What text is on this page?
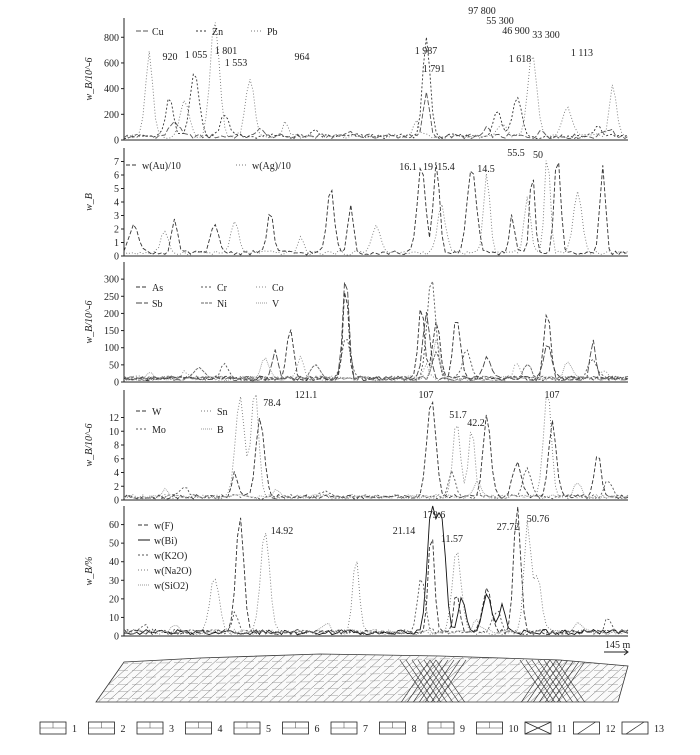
0
200
400
600
800
w_B/10^-6
Cu	Zn	Pb
920 1 055 1 801
1 553
964
1 987
1 791
97 800
55 300
46 900 33 300
1 618
1 113
0
1
2
3
4
5
6
7
w_B
w(Au)/10	w(Ag)/10	16.1 19 15.4 14.5
55.5 50
0
50
100
150
200
250
300
w_B/10^-6
As	Cr	Co
Sb	Ni	V
0
2
4
6
8
10
12
w_B/10^-6
W	Sn
Mo	B
78.4
121.1	107
51.7
42.2
107
0
10
20
30
40
50
60
w_B/%
w(F)
w(Bi)
w(K2O)
w(Na2O)
w(SiO2)
179.6
14.92	21.14
11.57
27.72
50.76
145 m
1	2	3	4	5	6	7	8	9	10	11	12	13
